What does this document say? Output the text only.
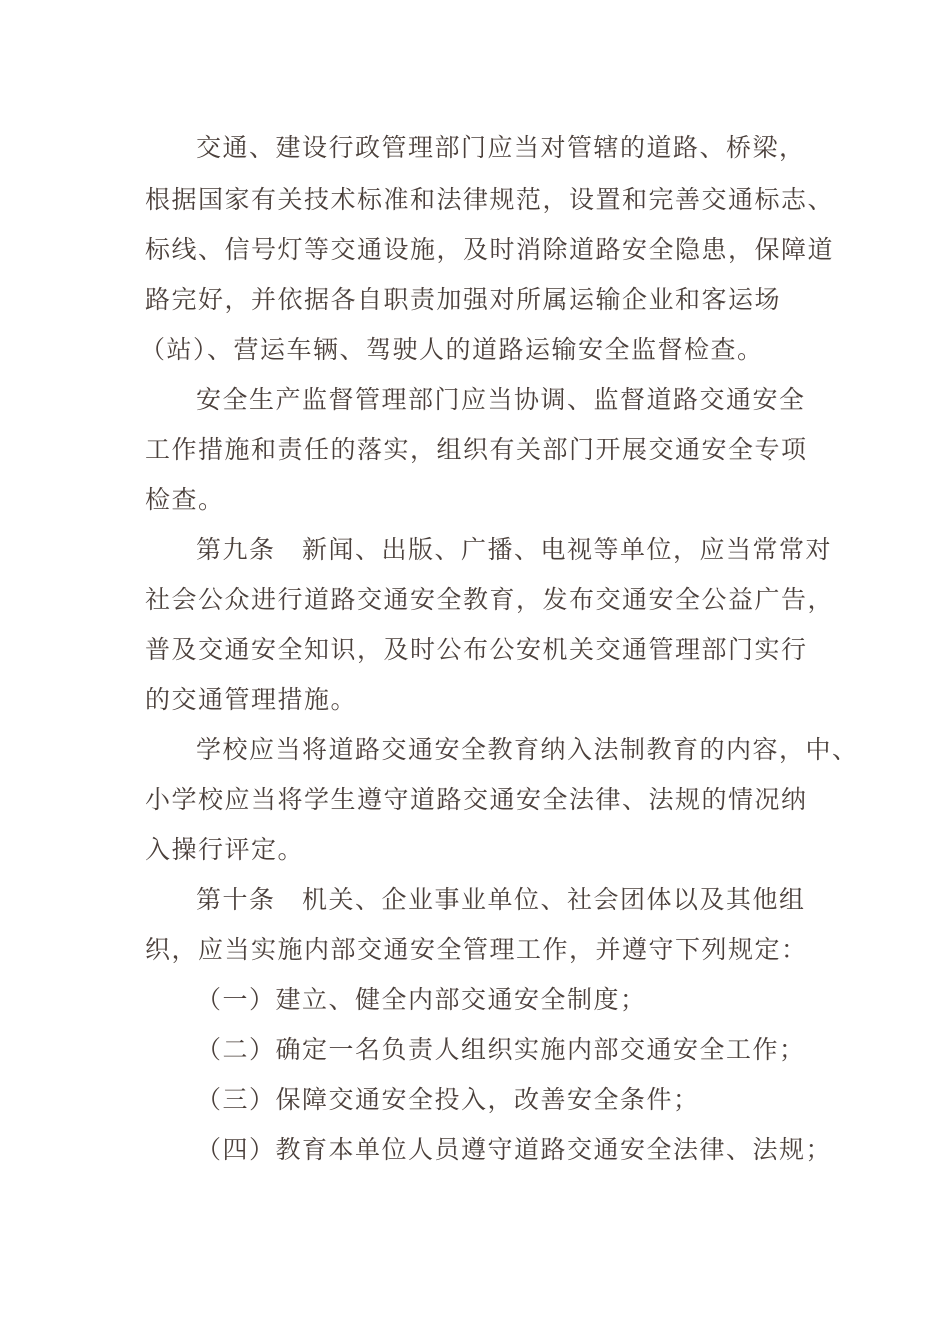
交通、建设行政管理部门应当对管辖的道路、桥梁，
根据国家有关技术标准和法律规范，设置和完善交通标志、
标线、信号灯等交通设施，及时消除道路安全隐患，保障道
路完好，并依据各自职责加强对所属运输企业和客运场
（站）、营运车辆、驾驶人的道路运输安全监督检查。
安全生产监督管理部门应当协调、监督道路交通安全
工作措施和责任的落实，组织有关部门开展交通安全专项
检查。
第九条　新闻、出版、广播、电视等单位，应当常常对
社会公众进行道路交通安全教育，发布交通安全公益广告，
普及交通安全知识，及时公布公安机关交通管理部门实行
的交通管理措施。
学校应当将道路交通安全教育纳入法制教育的内容，中、
小学校应当将学生遵守道路交通安全法律、法规的情况纳
入操行评定。
第十条　机关、企业事业单位、社会团体以及其他组
织，应当实施内部交通安全管理工作，并遵守下列规定：
（一）建立、健全内部交通安全制度；
（二）确定一名负责人组织实施内部交通安全工作；
（三）保障交通安全投入，改善安全条件；
（四）教育本单位人员遵守道路交通安全法律、法规；
